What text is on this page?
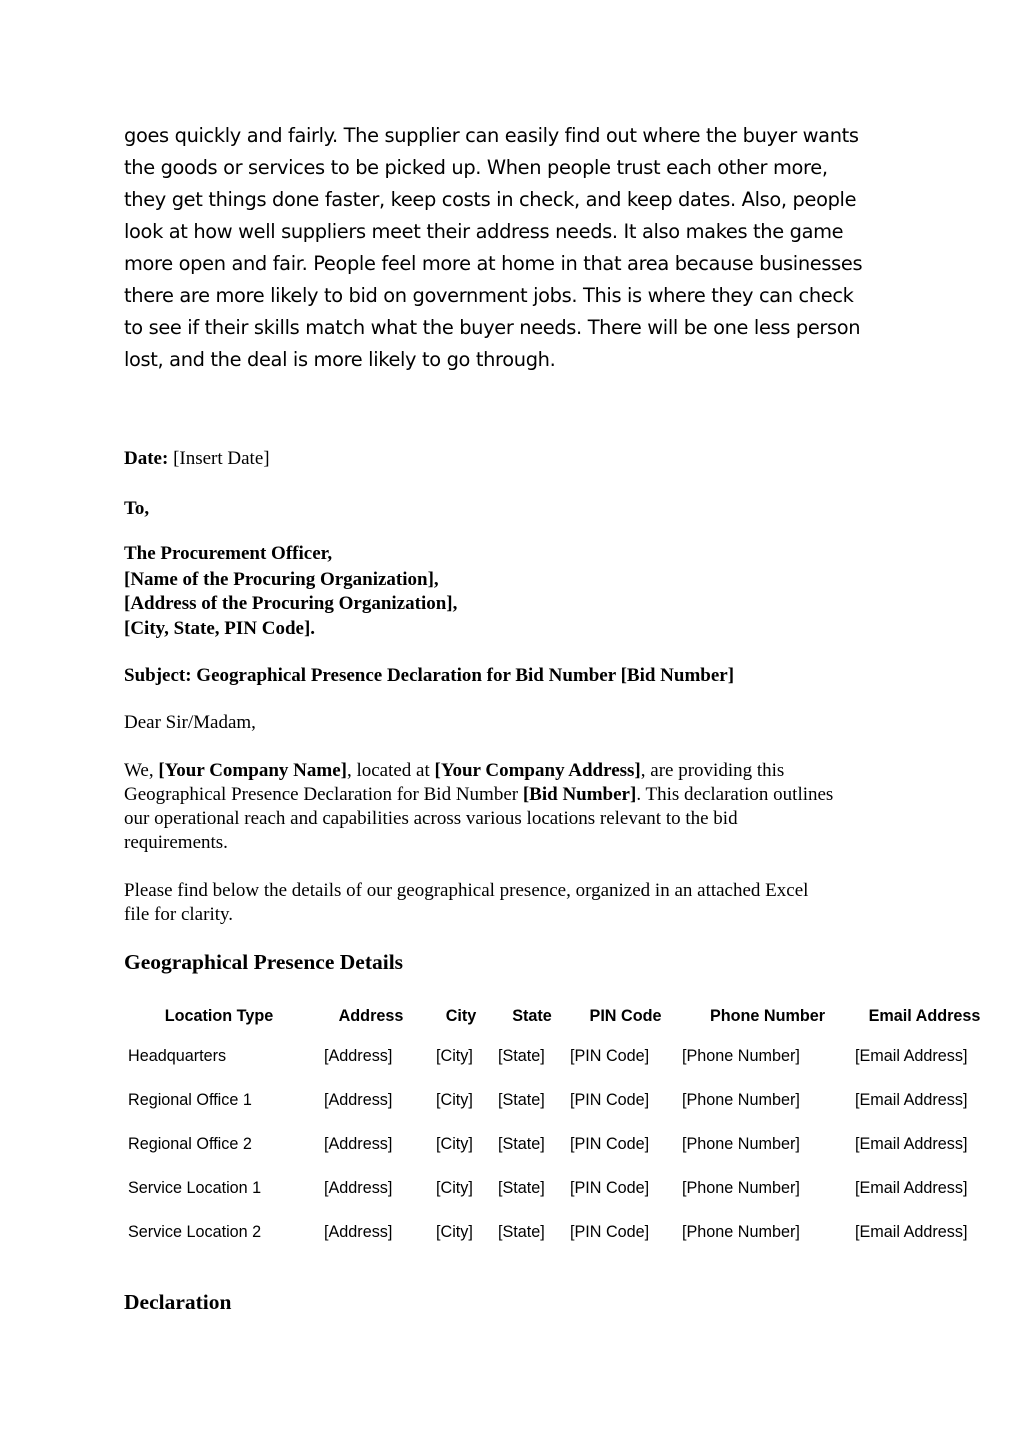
goes quickly and fairly. The supplier can easily find out where the buyer wants
the goods or services to be picked up. When people trust each other more,
they get things done faster, keep costs in check, and keep dates. Also, people
look at how well suppliers meet their address needs. It also makes the game
more open and fair. People feel more at home in that area because businesses
there are more likely to bid on government jobs. This is where they can check
to see if their skills match what the buyer needs. There will be one less person
lost, and the deal is more likely to go through.
Date: [Insert Date]
To,
The Procurement Officer,
[Name of the Procuring Organization],
[Address of the Procuring Organization],
[City, State, PIN Code].
Subject: Geographical Presence Declaration for Bid Number [Bid Number]
Dear Sir/Madam,
We, [Your Company Name], located at [Your Company Address], are providing this
Geographical Presence Declaration for Bid Number [Bid Number]. This declaration outlines
our operational reach and capabilities across various locations relevant to the bid
requirements.
Please find below the details of our geographical presence, organized in an attached Excel
file for clarity.
Geographical Presence Details
Location Type	Address	City	State	PIN Code	Phone Number	Email Address
Headquarters	[Address]	[City]	[State]	[PIN Code]	[Phone Number]	[Email Address]
Regional Office 1	[Address]	[City]	[State]	[PIN Code]	[Phone Number]	[Email Address]
Regional Office 2	[Address]	[City]	[State]	[PIN Code]	[Phone Number]	[Email Address]
Service Location 1	[Address]	[City]	[State]	[PIN Code]	[Phone Number]	[Email Address]
Service Location 2	[Address]	[City]	[State]	[PIN Code]	[Phone Number]	[Email Address]
Declaration
